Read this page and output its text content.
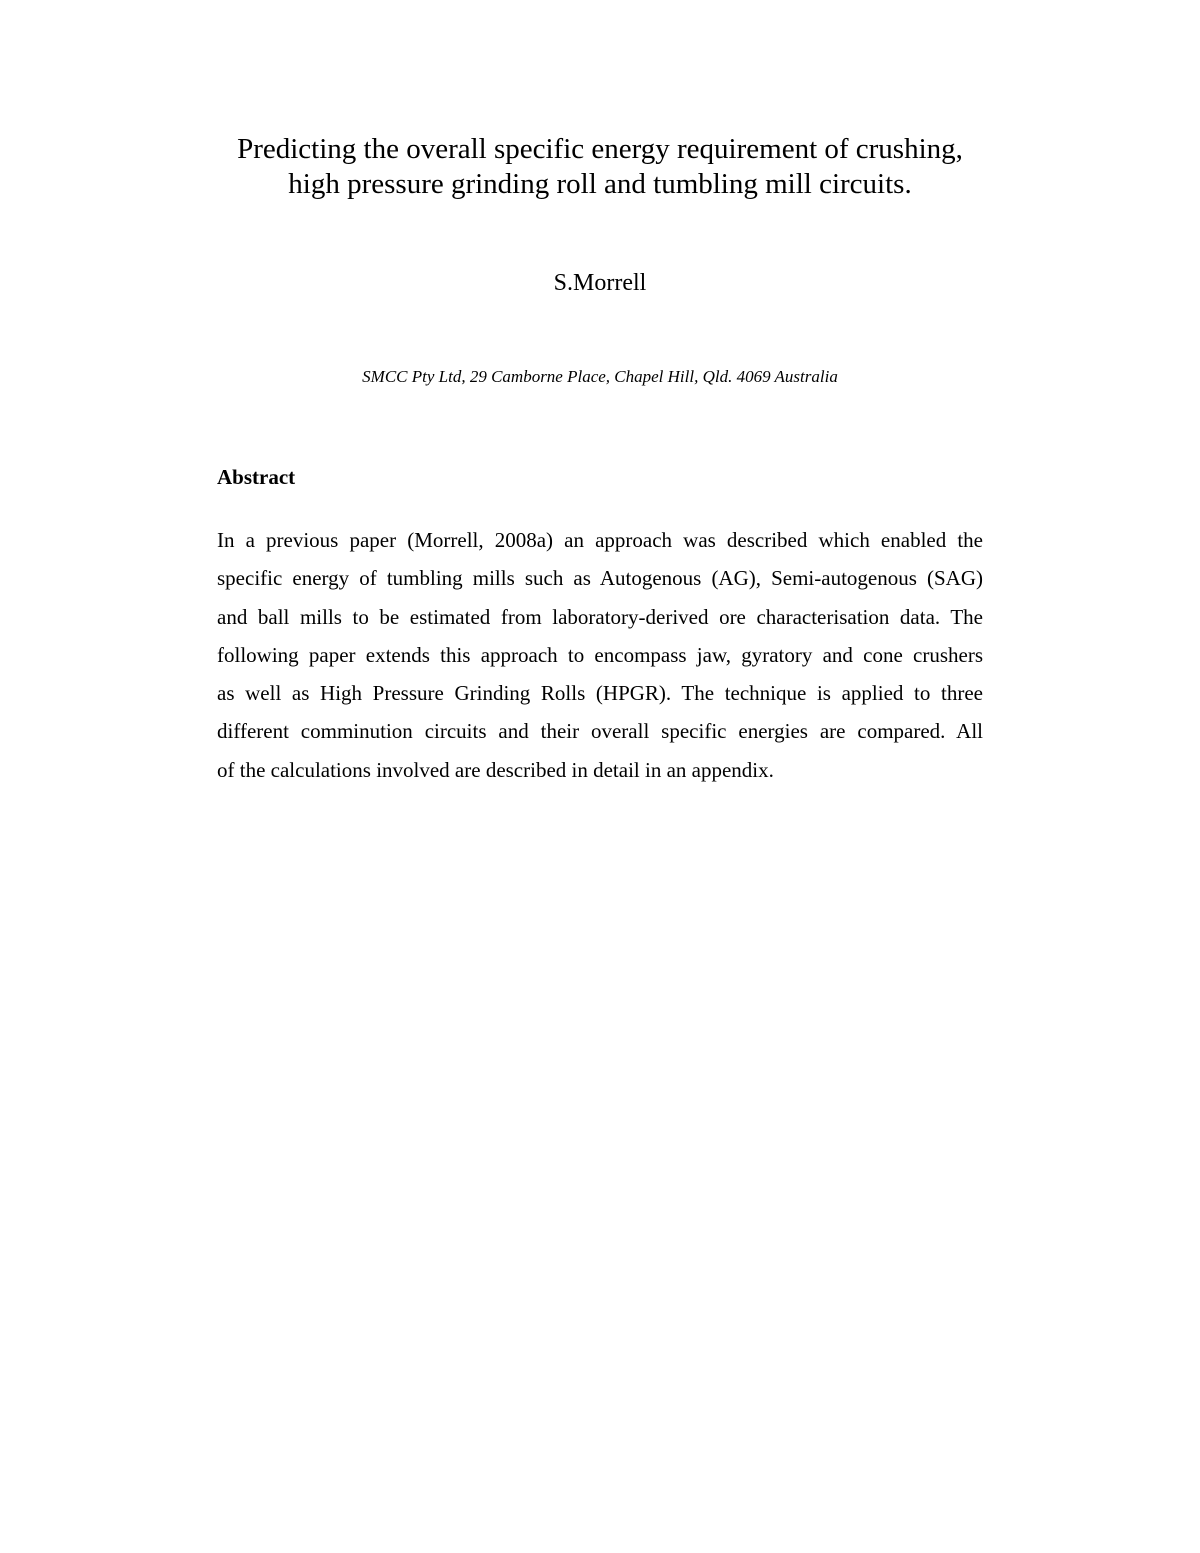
Predicting the overall specific energy requirement of crushing,
high pressure grinding roll and tumbling mill circuits.
S.Morrell
SMCC Pty Ltd, 29 Camborne Place, Chapel Hill, Qld. 4069 Australia
Abstract
In a previous paper (Morrell, 2008a) an approach was described which enabled the
specific energy of tumbling mills such as Autogenous (AG), Semi-autogenous (SAG)
and ball mills to be estimated from laboratory-derived ore characterisation data. The
following paper extends this approach to encompass jaw, gyratory and cone crushers
as well as High Pressure Grinding Rolls (HPGR). The technique is applied to three
different comminution circuits and their overall specific energies are compared. All
of the calculations involved are described in detail in an appendix.
